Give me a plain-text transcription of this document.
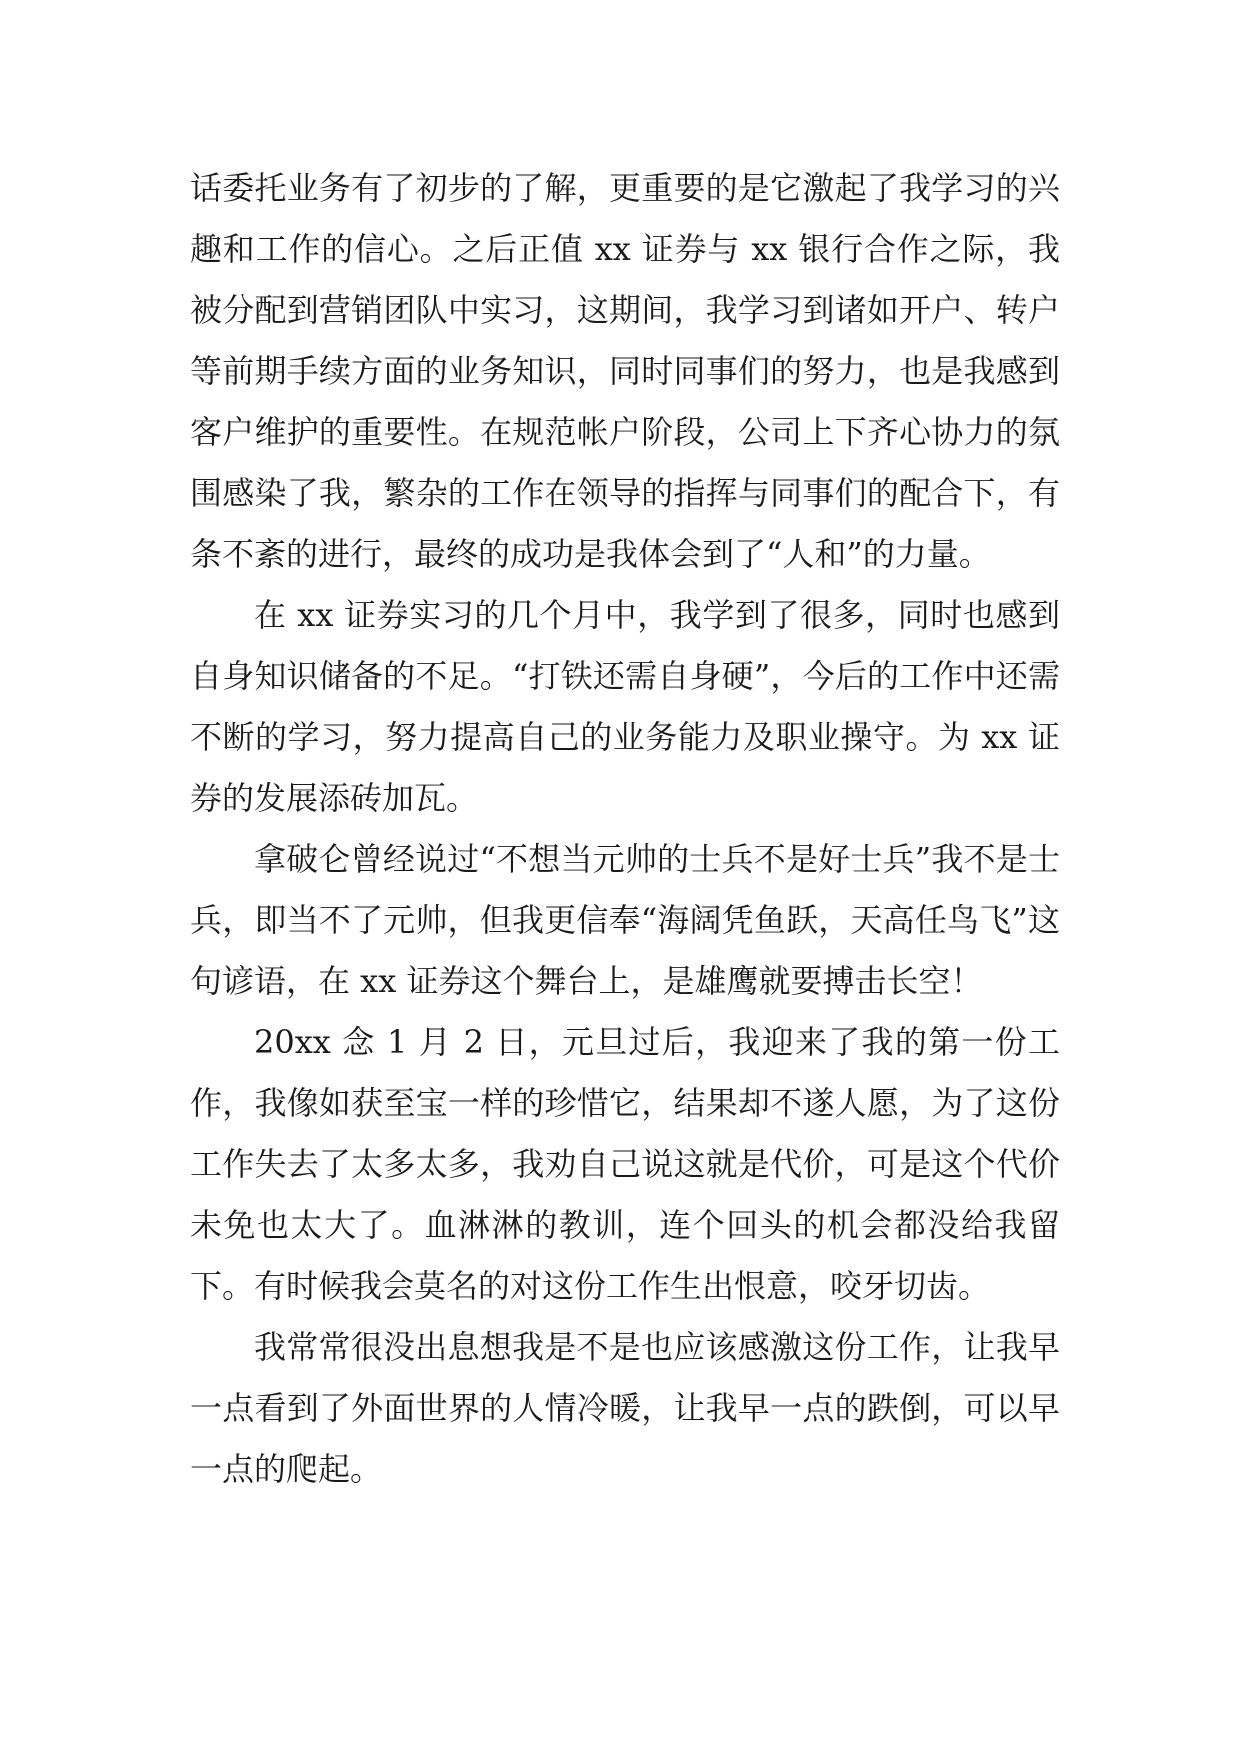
话委托业务有了初步的了解，更重要的是它激起了我学习的兴趣和工作的信心。之后正值 xx 证券与 xx 银行合作之际，我被分配到营销团队中实习，这期间，我学习到诸如开户、转户等前期手续方面的业务知识，同时同事们的努力，也是我感到客户维护的重要性。在规范帐户阶段，公司上下齐心协力的氛围感染了我，繁杂的工作在领导的指挥与同事们的配合下，有条不紊的进行，最终的成功是我体会到了“人和”的力量。

在 xx 证券实习的几个月中，我学到了很多，同时也感到自身知识储备的不足。“打铁还需自身硬”，今后的工作中还需不断的学习，努力提高自己的业务能力及职业操守。为 xx 证券的发展添砖加瓦。

拿破仑曾经说过“不想当元帅的士兵不是好士兵”我不是士兵，即当不了元帅，但我更信奉“海阔凭鱼跃，天高任鸟飞”这句谚语，在 xx 证券这个舞台上，是雄鹰就要搏击长空！

20xx 念 1 月 2 日，元旦过后，我迎来了我的第一份工作，我像如获至宝一样的珍惜它，结果却不遂人愿，为了这份工作失去了太多太多，我劝自己说这就是代价，可是这个代价未免也太大了。血淋淋的教训，连个回头的机会都没给我留下。有时候我会莫名的对这份工作生出恨意，咬牙切齿。

我常常很没出息想我是不是也应该感激这份工作，让我早一点看到了外面世界的人情冷暖，让我早一点的跌倒，可以早一点的爬起。
